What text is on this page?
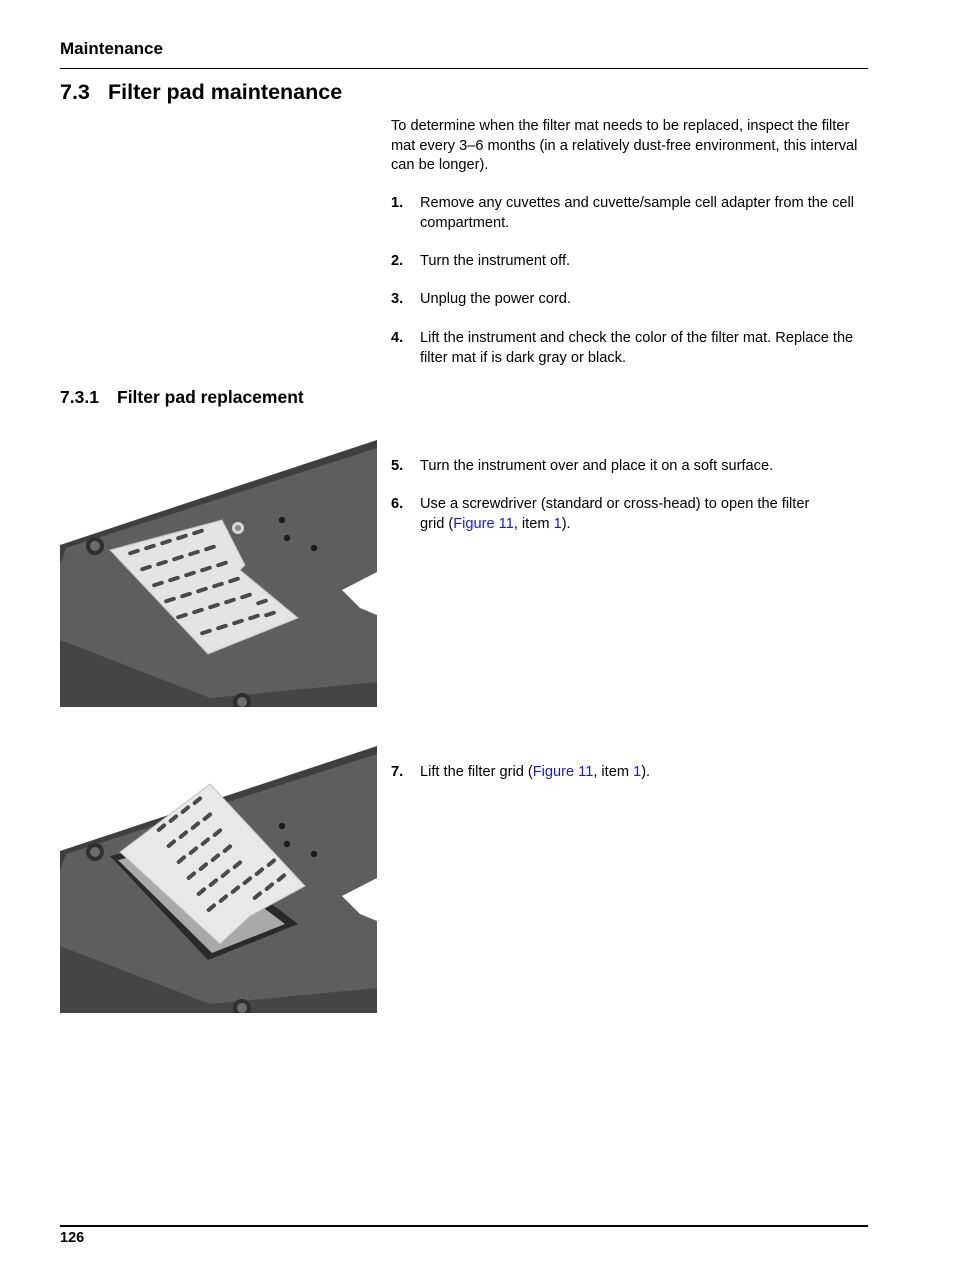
Maintenance
7.3 Filter pad maintenance
To determine when the filter mat needs to be replaced, inspect the filter mat every 3–6 months (in a relatively dust-free environment, this interval can be longer).
1. Remove any cuvettes and cuvette/sample cell adapter from the cell compartment.
2. Turn the instrument off.
3. Unplug the power cord.
4. Lift the instrument and check the color of the filter mat. Replace the filter mat if is dark gray or black.
7.3.1 Filter pad replacement
5. Turn the instrument over and place it on a soft surface.
6. Use a screwdriver (standard or cross-head) to open the filter grid (Figure 11, item 1).
7. Lift the filter grid (Figure 11, item 1).
126
